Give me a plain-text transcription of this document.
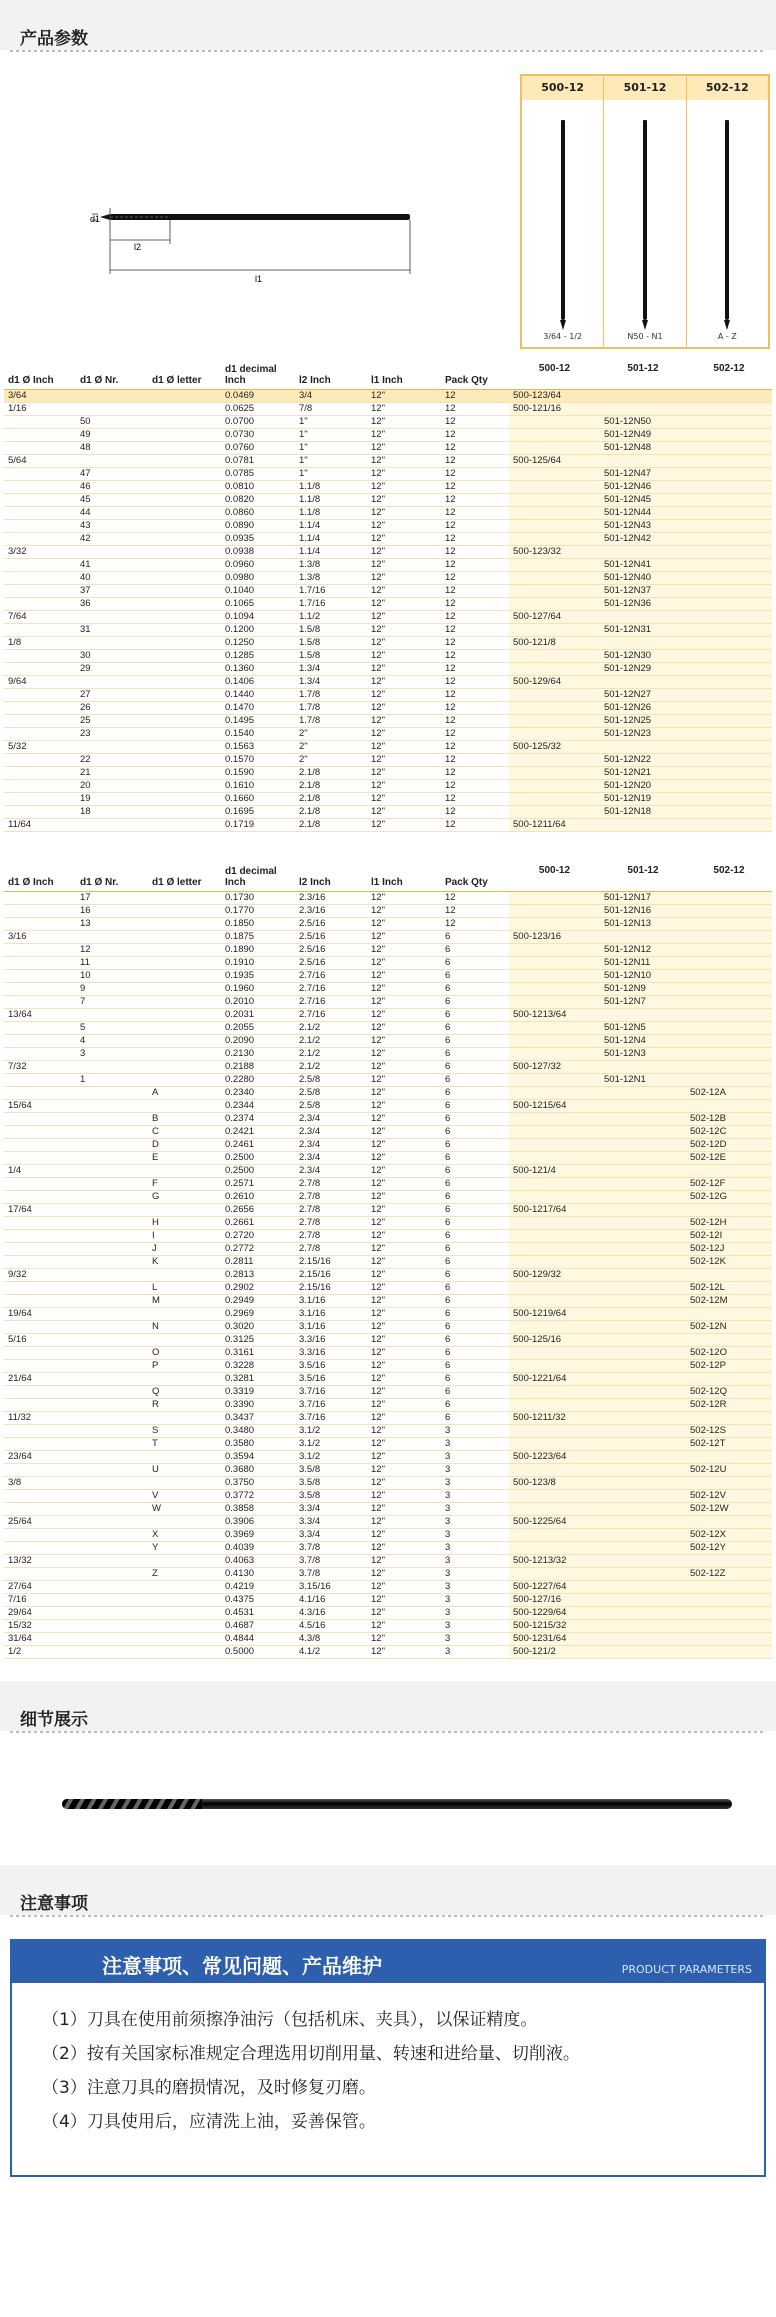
产品参数
d1
l2
l1
500-12	501-12	502-12
3/64 - 1/2	N50 - N1	A - Z
d1 Ø Inch	d1 Ø Nr.	d1 Ø letter	d1 decimal Inch	l2 Inch	l1 Inch	Pack Qty	500-12	501-12	502-12
3/64			0.0469	3/4	12"	12	500-123/64		
1/16			0.0625	7/8	12"	12	500-121/16		
	50		0.0700	1"	12"	12		501-12N50	
	49		0.0730	1"	12"	12		501-12N49	
	48		0.0760	1"	12"	12		501-12N48	
5/64			0.0781	1"	12"	12	500-125/64		
	47		0.0785	1"	12"	12		501-12N47	
	46		0.0810	1.1/8	12"	12		501-12N46	
	45		0.0820	1.1/8	12"	12		501-12N45	
	44		0.0860	1.1/8	12"	12		501-12N44	
	43		0.0890	1.1/4	12"	12		501-12N43	
	42		0.0935	1.1/4	12"	12		501-12N42	
3/32			0.0938	1.1/4	12"	12	500-123/32		
	41		0.0960	1.3/8	12"	12		501-12N41	
	40		0.0980	1.3/8	12"	12		501-12N40	
	37		0.1040	1.7/16	12"	12		501-12N37	
	36		0.1065	1.7/16	12"	12		501-12N36	
7/64			0.1094	1.1/2	12"	12	500-127/64		
	31		0.1200	1.5/8	12"	12		501-12N31	
1/8			0.1250	1.5/8	12"	12	500-121/8		
	30		0.1285	1.5/8	12"	12		501-12N30	
	29		0.1360	1.3/4	12"	12		501-12N29	
9/64			0.1406	1.3/4	12"	12	500-129/64		
	27		0.1440	1.7/8	12"	12		501-12N27	
	26		0.1470	1.7/8	12"	12		501-12N26	
	25		0.1495	1.7/8	12"	12		501-12N25	
	23		0.1540	2"	12"	12		501-12N23	
5/32			0.1563	2"	12"	12	500-125/32		
	22		0.1570	2"	12"	12		501-12N22	
	21		0.1590	2.1/8	12"	12		501-12N21	
	20		0.1610	2.1/8	12"	12		501-12N20	
	19		0.1660	2.1/8	12"	12		501-12N19	
	18		0.1695	2.1/8	12"	12		501-12N18	
11/64			0.1719	2.1/8	12"	12	500-1211/64		
d1 Ø Inch	d1 Ø Nr.	d1 Ø letter	d1 decimal Inch	l2 Inch	l1 Inch	Pack Qty	500-12	501-12	502-12
	17		0.1730	2.3/16	12"	12		501-12N17	
	16		0.1770	2.3/16	12"	12		501-12N16	
	13		0.1850	2.5/16	12"	12		501-12N13	
3/16			0.1875	2.5/16	12"	6	500-123/16		
	12		0.1890	2.5/16	12"	6		501-12N12	
	11		0.1910	2.5/16	12"	6		501-12N11	
	10		0.1935	2.7/16	12"	6		501-12N10	
	9		0.1960	2.7/16	12"	6		501-12N9	
	7		0.2010	2.7/16	12"	6		501-12N7	
13/64			0.2031	2.7/16	12"	6	500-1213/64		
	5		0.2055	2.1/2	12"	6		501-12N5	
	4		0.2090	2.1/2	12"	6		501-12N4	
	3		0.2130	2.1/2	12"	6		501-12N3	
7/32			0.2188	2.1/2	12"	6	500-127/32		
	1		0.2280	2.5/8	12"	6		501-12N1	
		A	0.2340	2.5/8	12"	6			502-12A
15/64			0.2344	2.5/8	12"	6	500-1215/64		
		B	0.2374	2.3/4	12"	6			502-12B
		C	0.2421	2.3/4	12"	6			502-12C
		D	0.2461	2.3/4	12"	6			502-12D
		E	0.2500	2.3/4	12"	6			502-12E
1/4			0.2500	2.3/4	12"	6	500-121/4		
		F	0.2571	2.7/8	12"	6			502-12F
		G	0.2610	2.7/8	12"	6			502-12G
17/64			0.2656	2.7/8	12"	6	500-1217/64		
		H	0.2661	2.7/8	12"	6			502-12H
		I	0.2720	2.7/8	12"	6			502-12I
		J	0.2772	2.7/8	12"	6			502-12J
		K	0.2811	2.15/16	12"	6			502-12K
9/32			0.2813	2.15/16	12"	6	500-129/32		
		L	0.2902	2.15/16	12"	6			502-12L
		M	0.2949	3.1/16	12"	6			502-12M
19/64			0.2969	3.1/16	12"	6	500-1219/64		
		N	0.3020	3.1/16	12"	6			502-12N
5/16			0.3125	3.3/16	12"	6	500-125/16		
		O	0.3161	3.3/16	12"	6			502-12O
		P	0.3228	3.5/16	12"	6			502-12P
21/64			0.3281	3.5/16	12"	6	500-1221/64		
		Q	0.3319	3.7/16	12"	6			502-12Q
		R	0.3390	3.7/16	12"	6			502-12R
11/32			0.3437	3.7/16	12"	6	500-1211/32		
		S	0.3480	3.1/2	12"	3			502-12S
		T	0.3580	3.1/2	12"	3			502-12T
23/64			0.3594	3.1/2	12"	3	500-1223/64		
		U	0.3680	3.5/8	12"	3			502-12U
3/8			0.3750	3.5/8	12"	3	500-123/8		
		V	0.3772	3.5/8	12"	3			502-12V
		W	0.3858	3.3/4	12"	3			502-12W
25/64			0.3906	3.3/4	12"	3	500-1225/64		
		X	0.3969	3.3/4	12"	3			502-12X
		Y	0.4039	3.7/8	12"	3			502-12Y
13/32			0.4063	3.7/8	12"	3	500-1213/32		
		Z	0.4130	3.7/8	12"	3			502-12Z
27/64			0.4219	3.15/16	12"	3	500-1227/64		
7/16			0.4375	4.1/16	12"	3	500-127/16		
29/64			0.4531	4.3/16	12"	3	500-1229/64		
15/32			0.4687	4.5/16	12"	3	500-1215/32		
31/64			0.4844	4.3/8	12"	3	500-1231/64		
1/2			0.5000	4.1/2	12"	3	500-121/2		
细节展示
注意事项
注意事项、常见问题、产品维护	PRODUCT PARAMETERS
（1）刀具在使用前须擦净油污（包括机床、夹具），以保证精度。
（2）按有关国家标准规定合理选用切削用量、转速和进给量、切削液。
（3）注意刀具的磨损情况，及时修复刃磨。
（4）刀具使用后，应清洗上油，妥善保管。
